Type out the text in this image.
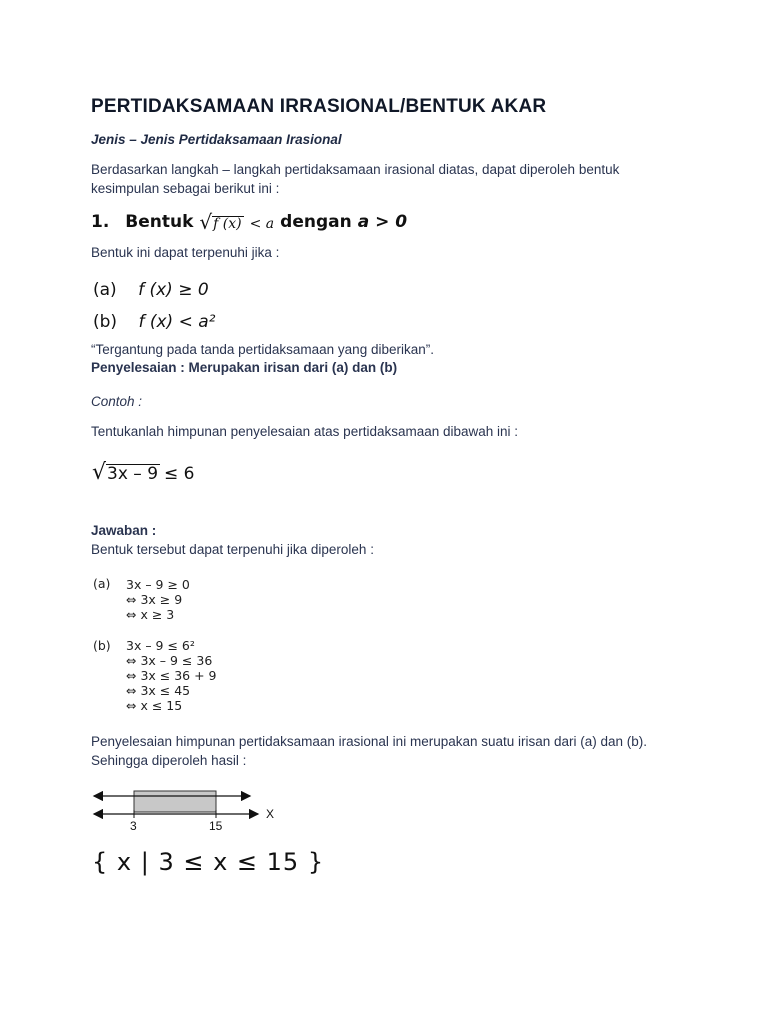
PERTIDAKSAMAAN IRRASIONAL/BENTUK AKAR
Jenis – Jenis Pertidaksamaan Irasional
Berdasarkan langkah – langkah pertidaksamaan irasional diatas, dapat diperoleh bentuk
kesimpulan sebagai berikut ini :
1. Bentuk √ f (x) < a dengan a > 0
Bentuk ini dapat terpenuhi jika :
(a) f (x) ≥ 0
(b) f (x) < a²
“Tergantung pada tanda pertidaksamaan yang diberikan”.
Penyelesaian : Merupakan irisan dari (a) dan (b)
Contoh :
Tentukanlah himpunan penyelesaian atas pertidaksamaan dibawah ini :
√ 3x – 9 ≤ 6
Jawaban :
Bentuk tersebut dapat terpenuhi jika diperoleh :
(a) 3x – 9 ≥ 0
⇔ 3x ≥ 9
⇔ x ≥ 3
(b) 3x – 9 ≤ 6²
⇔ 3x – 9 ≤ 36
⇔ 3x ≤ 36 + 9
⇔ 3x ≤ 45
⇔ x ≤ 15
Penyelesaian himpunan pertidaksamaan irasional ini merupakan suatu irisan dari (a) dan (b).
Sehingga diperoleh hasil :
3	15
X
{ x | 3 ≤ x ≤ 15 }
